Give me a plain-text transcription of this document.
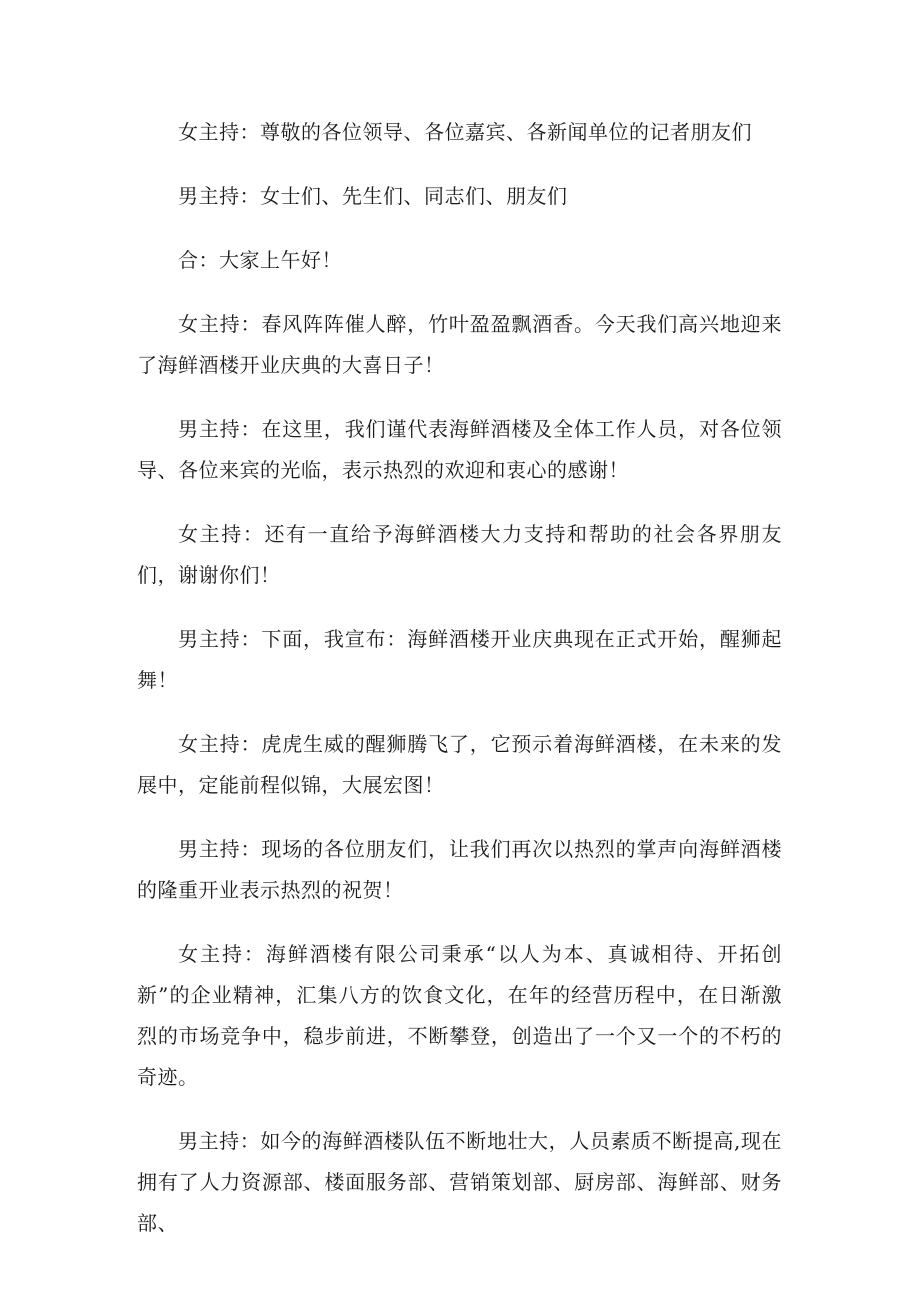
女主持：尊敬的各位领导、各位嘉宾、各新闻单位的记者朋友们

男主持：女士们、先生们、同志们、朋友们

合：大家上午好！

女主持：春风阵阵催人醉，竹叶盈盈飘酒香。今天我们高兴地迎来了海鲜酒楼开业庆典的大喜日子！

男主持：在这里，我们谨代表海鲜酒楼及全体工作人员，对各位领导、各位来宾的光临，表示热烈的欢迎和衷心的感谢！

女主持：还有一直给予海鲜酒楼大力支持和帮助的社会各界朋友们，谢谢你们！

男主持：下面，我宣布：海鲜酒楼开业庆典现在正式开始，醒狮起舞！

女主持：虎虎生威的醒狮腾飞了，它预示着海鲜酒楼，在未来的发展中，定能前程似锦，大展宏图！

男主持：现场的各位朋友们，让我们再次以热烈的掌声向海鲜酒楼的隆重开业表示热烈的祝贺！

女主持：海鲜酒楼有限公司秉承“以人为本、真诚相待、开拓创新”的企业精神，汇集八方的饮食文化，在年的经营历程中，在日渐激烈的市场竞争中，稳步前进，不断攀登，创造出了一个又一个的不朽的奇迹。

男主持：如今的海鲜酒楼队伍不断地壮大，人员素质不断提高,现在拥有了人力资源部、楼面服务部、营销策划部、厨房部、海鲜部、财务部、
